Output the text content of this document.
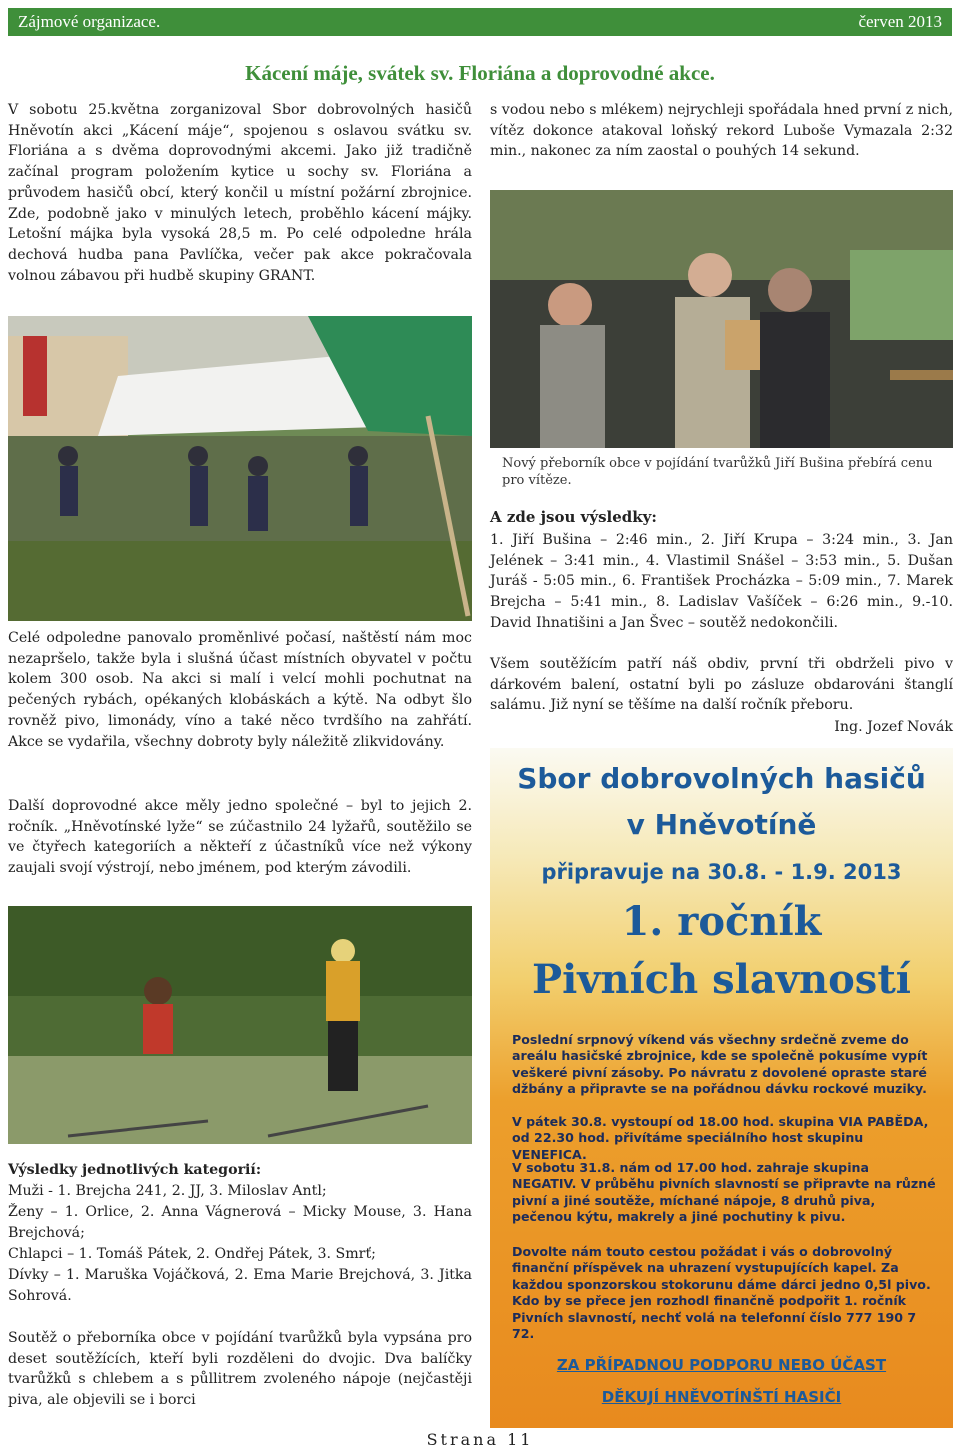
Zájmové organizace.	červen 2013
Kácení máje, svátek sv. Floriána a doprovodné akce.

V sobotu 25.května zorganizoval Sbor dobrovolných hasičů Hněvotín akci „Kácení máje“, spojenou s oslavou svátku sv. Floriána a s dvěma doprovodnými akcemi. Jako již tradičně začínal program položením kytice u sochy sv. Floriána a průvodem hasičů obcí, který končil u místní požární zbrojnice. Zde, podobně jako v minulých letech, proběhlo kácení májky. Letošní májka byla vysoká 28,5 m. Po celé odpoledne hrála dechová hudba pana Pavlíčka, večer pak akce pokračovala volnou zábavou při hudbě skupiny GRANT.

Celé odpoledne panovalo proměnlivé počasí, naštěstí nám moc nezapršelo, takže byla i slušná účast místních obyvatel v počtu kolem 300 osob. Na akci si malí i velcí mohli pochutnat na pečených rybách, opékaných klobáskách a kýtě. Na odbyt šlo rovněž pivo, limonády, víno a také něco tvrdšího na zahřátí. Akce se vydařila, všechny dobroty byly náležitě zlikvidovány.

Další doprovodné akce měly jedno společné – byl to jejich 2. ročník. „Hněvotínské lyže“ se zúčastnilo 24 lyžařů, soutěžilo se ve čtyřech kategoriích a někteří z účastníků více než výkony zaujali svojí výstrojí, nebo jménem, pod kterým závodili.

Výsledky jednotlivých kategorií:
Muži - 1. Brejcha 241, 2. JJ, 3. Miloslav Antl;
Ženy – 1. Orlice, 2. Anna Vágnerová – Micky Mouse, 3. Hana Brejchová;
Chlapci – 1. Tomáš Pátek, 2. Ondřej Pátek, 3. Smrť;
Dívky – 1. Maruška Vojáčková, 2. Ema Marie Brejchová, 3. Jitka Sohrová.

Soutěž o přeborníka obce v pojídání tvarůžků byla vypsána pro deset soutěžících, kteří byli rozděleni do dvojic. Dva balíčky tvarůžků s chlebem a s půllitrem zvoleného nápoje (nejčastěji piva, ale objevili se i borci

s vodou nebo s mlékem) nejrychleji spořádala hned první z nich, vítěz dokonce atakoval loňský rekord Luboše Vymazala 2:32 min., nakonec za ním zaostal o pouhých 14 sekund.

Nový přeborník obce v pojídání tvarůžků Jiří Bušina přebírá cenu pro vítěze.
A zde jsou výsledky:

1. Jiří Bušina – 2:46 min., 2. Jiří Krupa – 3:24 min., 3. Jan Jelének – 3:41 min., 4. Vlastimil Snášel – 3:53 min., 5. Dušan Juráš - 5:05 min., 6. František Procházka – 5:09 min., 7. Marek Brejcha – 5:41 min., 8. Ladislav Vašíček – 6:26 min., 9.-10. David Ihnatišini a Jan Švec – soutěž nedokončili.

Všem soutěžícím patří náš obdiv, první tři obdrželi pivo v dárkovém balení, ostatní byli po zásluze obdarováni štanglí salámu. Již nyní se těšíme na další ročník přeboru.

Ing. Jozef Novák
Sbor dobrovolných hasičů
v Hněvotíně
připravuje na 30.8. - 1.9. 2013
1. ročník
Pivních slavností
Poslední srpnový víkend vás všechny srdečně zveme do areálu hasičské zbrojnice, kde se společně pokusíme vypít veškeré pivní zásoby. Po návratu z dovolené opraste staré džbány a připravte se na pořádnou dávku rockové muziky.
V pátek 30.8. vystoupí od 18.00 hod. skupina VIA PABĚDA, od 22.30 hod. přivítáme speciálního host skupinu VENEFICA.
V sobotu 31.8. nám od 17.00 hod. zahraje skupina NEGATIV. V průběhu pivních slavností se připravte na různé pivní a jiné soutěže, míchané nápoje, 8 druhů piva, pečenou kýtu, makrely a jiné pochutiny k pivu.
Dovolte nám touto cestou požádat i vás o dobrovolný finanční příspěvek na uhrazení vystupujících kapel. Za každou sponzorskou stokorunu dáme dárci jedno 0,5l pivo. Kdo by se přece jen rozhodl finančně podpořit 1. ročník Pivních slavností, nechť volá na telefonní číslo 777 190 7 72.
ZA PŘÍPADNOU PODPORU NEBO ÚČAST
DĚKUJÍ HNĚVOTÍNŠTÍ HASIČI
Strana 11
